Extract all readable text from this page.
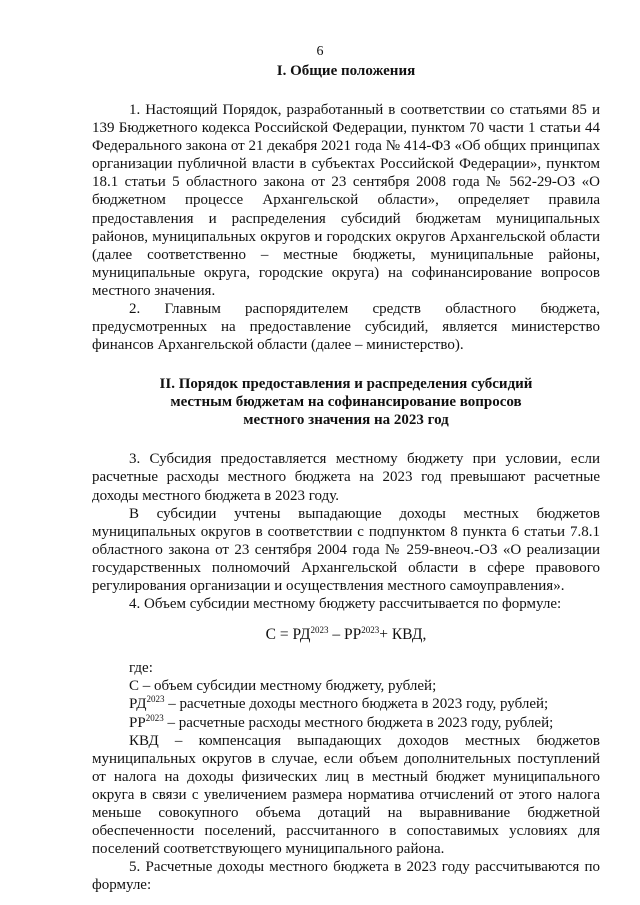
6
I. Общие положения

1. Настоящий Порядок, разработанный в соответствии со статьями 85 и 139 Бюджетного кодекса Российской Федерации, пунктом 70 части 1 статьи 44 Федерального закона от 21 декабря 2021 года № 414-ФЗ «Об общих принципах организации публичной власти в субъектах Российской Федерации», пунктом 18.1 статьи 5 областного закона от 23 сентября 2008 года № 562-29-ОЗ «О бюджетном процессе Архангельской области», определяет правила предоставления и распределения субсидий бюджетам муниципальных районов, муниципальных округов и городских округов Архангельской области (далее соответственно – местные бюджеты, муниципальные районы, муниципальные округа, городские округа) на софинансирование вопросов местного значения.

2. Главным распорядителем средств областного бюджета, предусмотренных на предоставление субсидий, является министерство финансов Архангельской области (далее – министерство).

II. Порядок предоставления и распределения субсидий
местным бюджетам на софинансирование вопросов
местного значения на 2023 год

3. Субсидия предоставляется местному бюджету при условии, если расчетные расходы местного бюджета на 2023 год превышают расчетные доходы местного бюджета в 2023 году.

В субсидии учтены выпадающие доходы местных бюджетов муниципальных округов в соответствии с подпунктом 8 пункта 6 статьи 7.8.1 областного закона от 23 сентября 2004 года № 259-внеоч.-ОЗ «О реализации государственных полномочий Архангельской области в сфере правового регулирования организации и осуществления местного самоуправления».

4. Объем субсидии местному бюджету рассчитывается по формуле:

$С = РД^{2023} - РР^{2023}+$ КВД,

где:

С – объем субсидии местному бюджету, рублей;

$РД^{2023}$ – расчетные доходы местного бюджета в 2023 году, рублей;

$РР^{2023}$ – расчетные расходы местного бюджета в 2023 году, рублей;

КВД – компенсация выпадающих доходов местных бюджетов муниципальных округов в случае, если объем дополнительных поступлений от налога на доходы физических лиц в местный бюджет муниципального округа в связи с увеличением размера норматива отчислений от этого налога меньше совокупного объема дотаций на выравнивание бюджетной обеспеченности поселений, рассчитанного в сопоставимых условиях для поселений соответствующего муниципального района.

5. Расчетные доходы местного бюджета в 2023 году рассчитываются по формуле:
